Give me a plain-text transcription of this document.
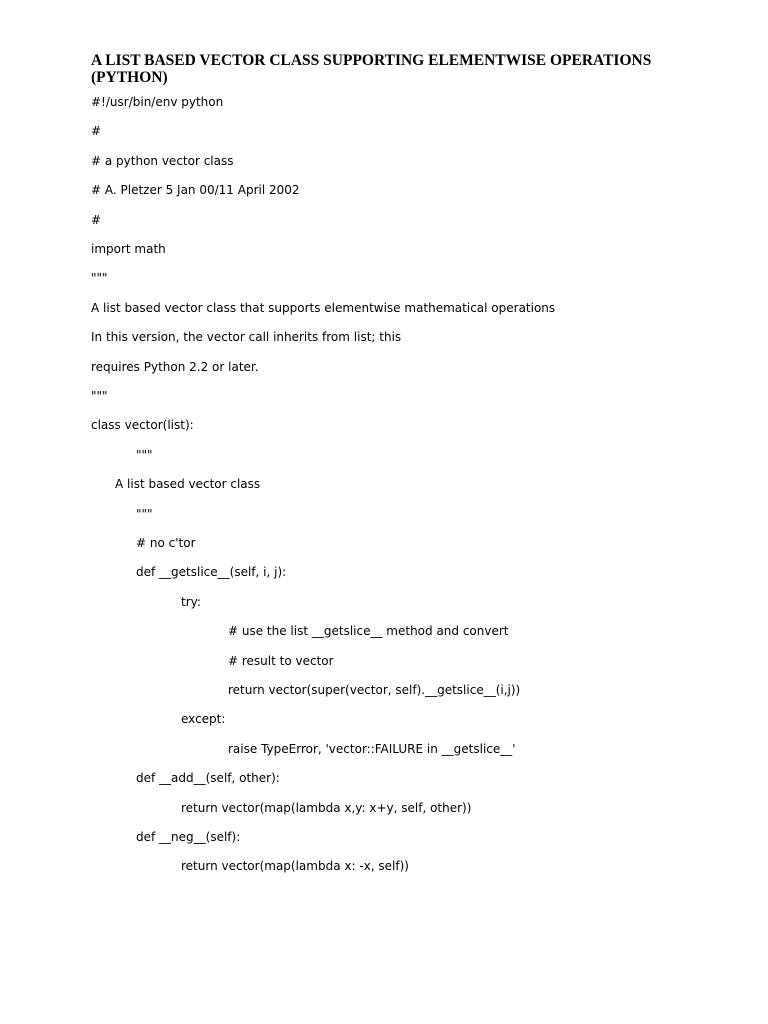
A LIST BASED VECTOR CLASS SUPPORTING ELEMENTWISE OPERATIONS (PYTHON)

#!/usr/bin/env python

#

# a python vector class

# A. Pletzer 5 Jan 00/11 April 2002

#

import math

"""

A list based vector class that supports elementwise mathematical operations

In this version, the vector call inherits from list; this

requires Python 2.2 or later.

"""

class vector(list):

"""

A list based vector class

"""

# no c'tor

def __getslice__(self, i, j):

try:

# use the list __getslice__ method and convert

# result to vector

return vector(super(vector, self).__getslice__(i,j))

except:

raise TypeError, 'vector::FAILURE in __getslice__'

def __add__(self, other):

return vector(map(lambda x,y: x+y, self, other))

def __neg__(self):

return vector(map(lambda x: -x, self))
